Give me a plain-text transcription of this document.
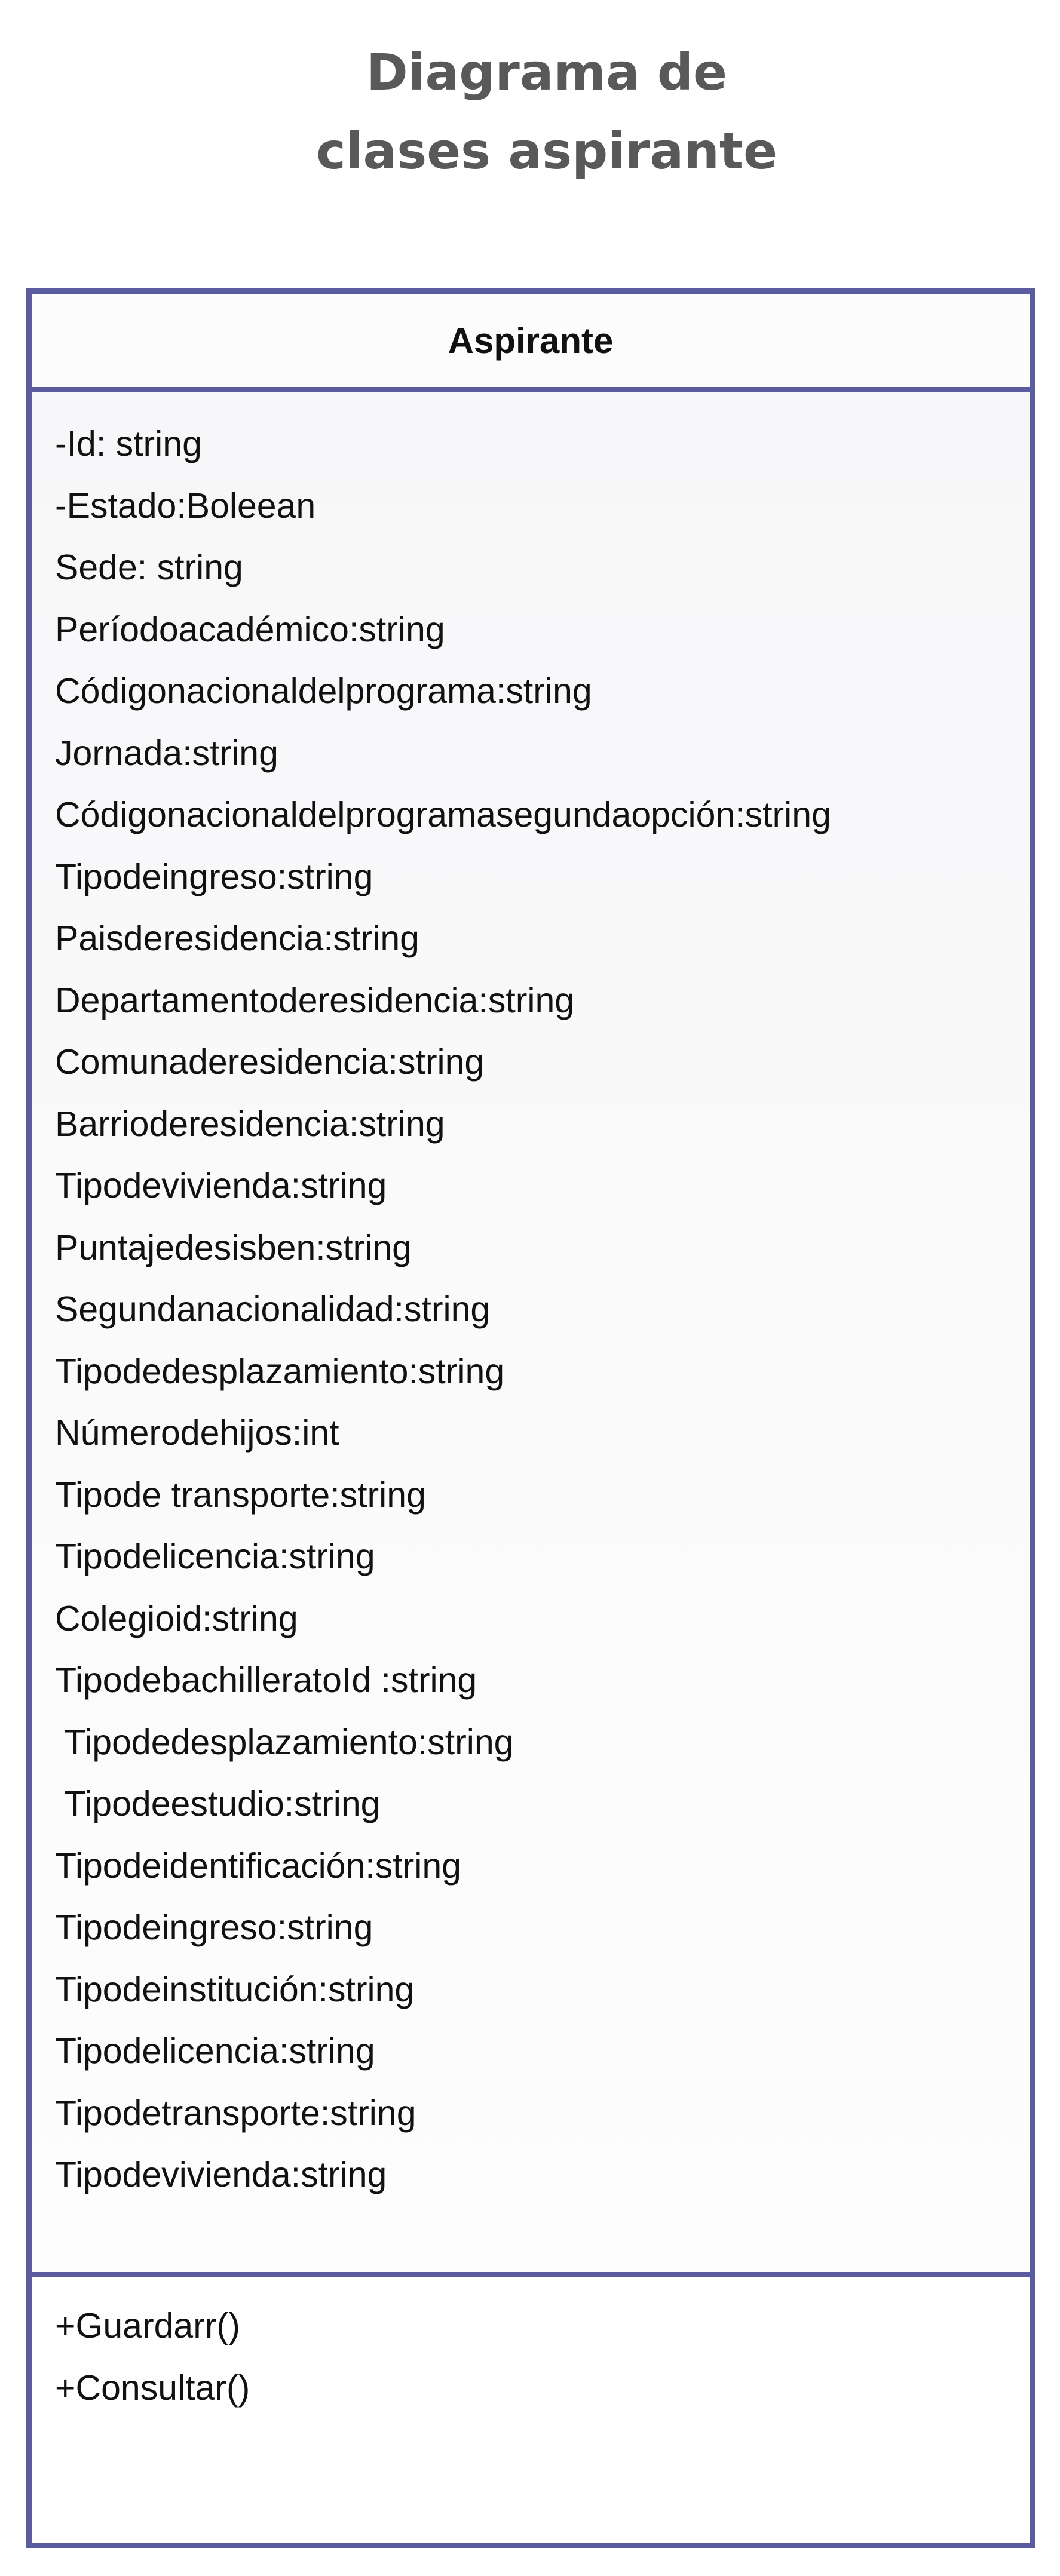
Diagrama de
clases aspirante
Aspirante
-Id: string
-Estado:Boleean
Sede: string
Períodoacadémico:string
Códigonacionaldelprograma:string
Jornada:string
Códigonacionaldelprogramasegundaopción:string
Tipodeingreso:string
Paisderesidencia:string
Departamentoderesidencia:string
Comunaderesidencia:string
Barrioderesidencia:string
Tipodevivienda:string
Puntajedesisben:string
Segundanacionalidad:string
Tipodedesplazamiento:string
Númerodehijos:int
Tipode transporte:string
Tipodelicencia:string
Colegioid:string
TipodebachilleratoId :string
Tipodedesplazamiento:string
Tipodeestudio:string
Tipodeidentificación:string
Tipodeingreso:string
Tipodeinstitución:string
Tipodelicencia:string
Tipodetransporte:string
Tipodevivienda:string
+Guardarr()
+Consultar()
